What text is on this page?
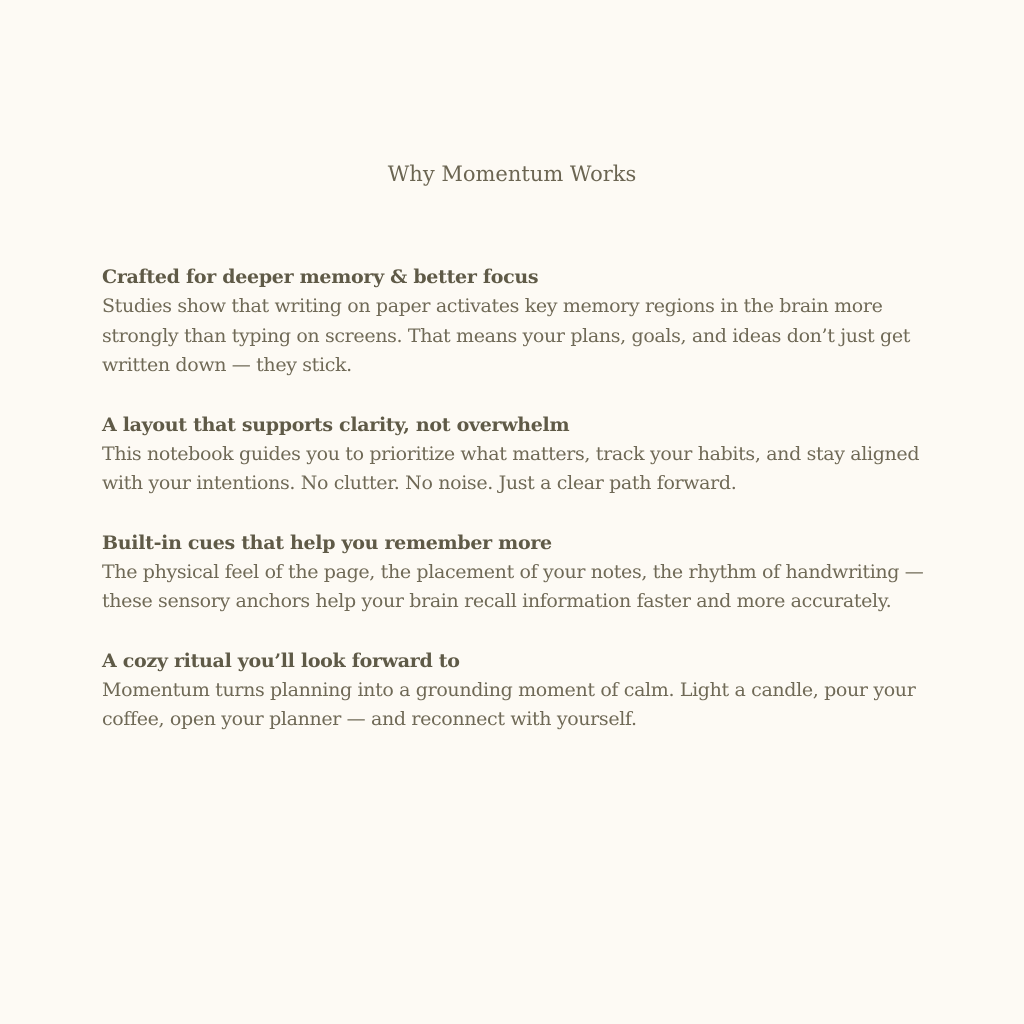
Why Momentum Works

Crafted for deeper memory & better focus

Studies show that writing on paper activates key memory regions in the brain more strongly than typing on screens. That means your plans, goals, and ideas don’t just get written down — they stick.

A layout that supports clarity, not overwhelm

This notebook guides you to prioritize what matters, track your habits, and stay aligned with your intentions. No clutter. No noise. Just a clear path forward.

Built-in cues that help you remember more

The physical feel of the page, the placement of your notes, the rhythm of handwriting — these sensory anchors help your brain recall information faster and more accurately.

A cozy ritual you’ll look forward to

Momentum turns planning into a grounding moment of calm. Light a candle, pour your coffee, open your planner — and reconnect with yourself.
